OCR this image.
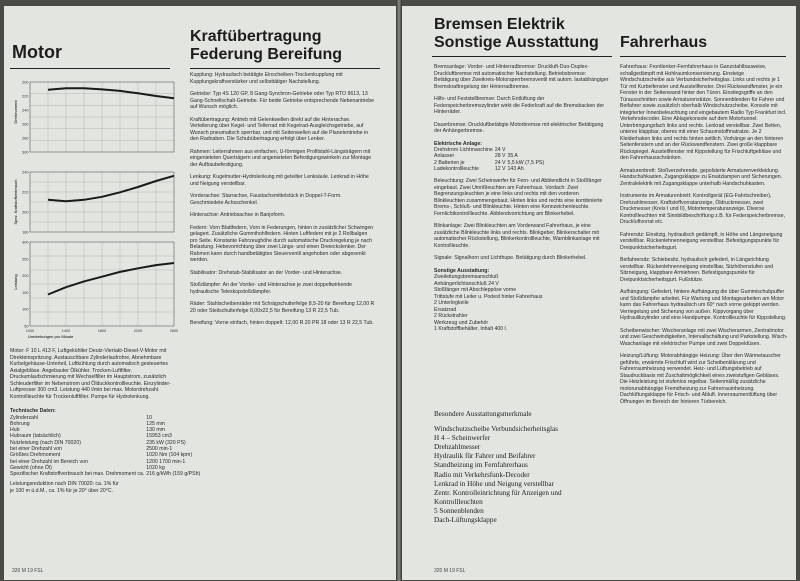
Motor
Kraftübertragung
Federung Bereifung
200
220
240
260
280
300
240
220
200
180
300
250
200
150
100
50
1000	1400	1800	2200	2600
Drehmoment
Spez. Kraftstoffverbrauch
Leistung
Umdrehungen pro Minute
Motor: F 10 L 413 F, Luftgekühlter Deutz-Viertakt-Diesel-V-Motor mit Direkteinspritzung. Austauschbare Zylinderlaufrohre, Abnehmbare Kurbelgehäuse-Unterteil, Luftkühlung durch automatisch gesteuertes Axialgebläse. Angebauter Ölkühler. Trocken-Luftfilter. Druckumlaufschmierung mit Wechselfilter im Hauptstrom, zusätzlich Schleuderfilter im Nebenstrom und Ölduckkontrollleuchte. Einzylinder-Luftpresser 300 cm3. Leistung 440 l/min bei max. Motordrehzahl. Kontrollleuchte für Trockenluftfilter. Pumpe für Hydrolenkung.
Technische Daten:
Zylinderzahl	10
Bohrung	125 mm
Hub	130 mm
Hubraum (tatsächlich)	15953 cm3
Nutzleistung (nach DIN 70020)	235 kW (320 PS)
bei einer Drehzahl von	2500 min-1
Größtes Drehmoment	1020 Nm (104 kpm)
bei einer Drehzahl im Bereich von	1200 1700 min-1
Gewicht (ohne Öl)	1020 kg
Spezifischer Kraftstoffverbrauch bei max. Drehmoment ca.	216 g/kWh (159 g/PSh)
Leistungsreduktion nach DIN 70020: ca. 1% für je 100 m ü.d.M., ca. 1% für je 20° über 20°C.

Kupplung: Hydraulisch betätigte Einscheiben-Trockenkupplung mit Kupplungskraftverstärker und selbsttätiger Nachstellung.

Getriebe: Typ 4S 120 GP, 8 Gang-Synchron-Getriebe oder Typ RTO 9613, 13 Gang-Schnellschalt-Getriebe. Für beide Getriebe entsprechende Nebenantriebe auf Wunsch möglich.

Kraftübertragung: Antrieb mit Gelenkwellen direkt auf die Hinterachse. Verteilerung über Kegel- und Tellerrad mit Kegelrad-Ausgleichsgetriebe, auf Wunsch pneumatisch sperrbar, und mit Seitenwellen auf die Planetentriebe in den Radnaben. Die Schubübertragung erfolgt über Lenker.

Rahmen: Leiterrahmen aus einfachen, U-förmigen Profilstahl-Längsträgern mit eingenieteten Querträgern und angenieteten Befestigungswinkeln zur Montage der Aufbaubefestigung.

Lenkung: Kugelmutter-Hydrolenkung mit geteilter Lenksäule. Lenkrad in Höhe und Neigung verstellbar.

Vorderachse: Starrachse, Faustachsmittelstück in Doppel-T-Form. Geschmiedete Achsschenkel.

Hinterachse: Antriebsachse in Banjoform.

Federn: Vorn Blattfedern, Vorn in Federungen, hinten in zusätzlicher Schwingen gelagert. Zusätzliche Gummihohlfedern. Hinten Luftfedern mit je 2 Rollbalgen pro Seite. Konstante Fahrzeughöhe durch automatische Druckregelung je nach Belastung. Hebevorrichtung über zwei Längs- und einen Dreieckslenker. Der Rahmen kann durch handbetätigtes Steuerventil angehoben oder abgesenkt werden.

Stabilisator: Drehstab-Stabilisator an der Vorder- und Hinterachse.

Stoßdämpfer: An der Vorder- und Hinterachse je zwei doppeltwirkende hydraulische Teleskopstoßdämpfer.

Räder: Stahlscheibenräder mit Schrägschulterfelge 8,5-20 für Bereifung 12,00 R 20 oder Steilschulterfelge 8,00x22,5 für Bereifung 13 R 22,5 Tub.

Bereifung: Vorne einfach, hinten doppelt: 12,00 R 20 PR 18 oder 13 R 22,5 Tub.

320 M 19 FSL
Bremsen Elektrik
Sonstige Ausstattung Fahrerhaus

Bremsanlage: Vorder- und Hinterradbremse: Druckluft-Duo-Duplex-Druckluftbremse mit automatischer Nachstellung. Betriebsbremse: Betätigung über Zweikreis-Motorsperrbremsventil mit autom. lastabhängiger Bremskraftregelung der Hinterradbremse.

Hilfs- und Feststellbremse: Durch Entlüftung der Federspeicherbremszylinder wirkt die Federkraft auf die Bremsbacken der Hinterräder.

Dauerbremse: Druckluftbetätigte Motorbremse mit elektrischer Betätigung der Anhängerbremse.

Elektrische Anlage:
Drehstrom Lichtmaschine	24 V	
Anlasser	28 V	35 A
2 Batterien je	24 V	5,5 kW (7,5 PS)
Ladekontrollleuchte	12 V	143 Ah

Beleuchtung: Zwei Scheinwerfer für Fern- und Abblendlicht in Stoßfänger eingebaut. Zwei Umrißleuchten am Fahrerhaus. Vordach: Zwei Begrenzungsleuchten je eine links und rechts mit den vorderen Blinkleuchten zusammengebaut. Hinten links und rechts eine kombinierte Brems-, Schluß- und Blinkleuchte. Hinten eine Kennzeichenleuchte. Fernlichtkontrollleuchte. Abblendvorrichtung am Blinkerhebel.

Blinkanlage: Zwei Blinkleuchten am Vorderwand Fahrerhaus, je eine zusätzliche Blinkleuchte links und rechts. Blinkgeber, Blinkerschalter mit automatischer Rückstellung, Blinkerkontrollleuchte, Warnblinkanlage mit Kontrollleuchte.

Signale: Signalhorn und Lichthupe. Betätigung durch Blinkerhebel.

Sonstige Ausstattung:
Zweileitungsbremsanschluß
Anhängerlichtanschluß 24 V
Stoßfänger mit Abschleppöse vorne
Trittstufe mit Leiter u. Podest hinter Fahrerhaus
2 Unterlegkeile
Ersatzrad
2 Rückstrahler
Werkzeug und Zubehör
1 Kraftstoffbehälter, Inhalt 400 l.
Besondere Ausstattungsmerkmale
Windschutzscheibe Verbundsicherheitsglas
H 4 – Scheinwerfer
Drehzahlmesser
Hydraulik für Fahrer und Beifahrer
Standheizung im Fernfahrerhaus
Radio mit Verkehrsfunk-Decoder
Lenkrad in Höhe und Neigung verstellbar
Zentr. Kontrolleinrichtung für Anzeigen und Kontrollleuchten
5 Sonnenblenden
Dach-Lüftungsklappe

Fahrerhaus: Frontlenker-Fernfahrerhaus in Ganzstahlbauweise, schallgedämpft mit Hohlraumkonservierung. Einsteige Windschutzscheibe aus Verbundsicherheitsglas. Links und rechts je 1 Tür mit Kurbelfenster und Ausstellfenster. Drei Rückwandfenster, je ein Fenster in der Seitenwand hinter den Türen. Einstiegsgriffe an den Türausschnitten sowie Armaturenstütze. Sonnenblenden für Fahrer und Beifahrer sowie zusätzlich oberhalb Windschutzscheibe. Konsole mit integrierter Innenbeleuchtung und eingebautem Radio Typ Frankfurt incl. Verkehrsdecoder. Eine Ablagekonsole auf dem Motortunnel. Unterbringungsfach links und rechts. Lenkrad verstellbar. Zwei Betten, unteres klappbar, oberes mit einer Schaumstoffmatratze. Je 2 Kleiderhaken links und rechts hinten seitlich. Vorhänge an den hinteren Seitenfenstern und an der Rückwandfenstern. Zwei große klappbare Rückspiegel. Ausstellfenster mit Kippstellung für Frischluftgebläse und den Fahrerhausschränken.

Armaturenbrett: Stoßverzehrende, gepolsterte Armaturenverkleidung. Handschuhkasten, Zugangsklappe zu Ersatzlampen und Sicherungen. Zentralelektrik mit Zugangsklappe unterhalb Handschuhkasten.

Instrumente im Armaturenbrett: Kontrollgerät (EG-Fahrtschreiber), Drehzahlmesser, Kraftstoffvorratanzeige, Öldruckmesser, zwei Druckmesser (Kreis I und II), Motortemperaturanzeige. Diverse Kontrollleuchten mit Sinnbildbeschriftung z.B. für Federspeicherbremse, Druckluftvorrat etc.

Fahrersitz: Einsitzig, hydraulisch gedämpft, in Höhe und Längsneigung verstellbar. Rückenlehnenneigung verstellbar. Befestigungspunkte für Dreipunktsicherheitsgurt.

Beifahrersitz: Schiebesitz, hydraulisch gefedert, in Längsrichtung verstellbar. Rückenlehnenneigung einstellbar, Sitzhöhenstufen und Sitzneigung, klappbare Armlehnen. Befestigungspunkte für Dreipunktsicherheitsgurt. Fußstütze.

Aufhängung: Gefedert, hintere Aufhängung die über Gummischubpuffer und Stoßdämpfer arbeitet. Für Wartung und Montagearbeiten am Motor kann das Fahrerhaus hydraulisch um 60° nach vorne gekippt werden. Verriegelung und Sicherung von außen. Kippvorgang über Hydraulikzylinder und eine Handpumpe. Kontrollleuchte für Kippstellung.

Scheibenwischer: Wischeranlage mit zwei Wischerarmen, Zentralmotor und zwei Geschwindigkeiten, Intervallschaltung und Parkstellung. Wisch-Waschanlage mit elektrischer Pumpe und zwei Doppeldüsen.

Heizung/Lüftung: Motorabhängige Heizung: Über den Wärmetauscher geführte, erwärmte Frischluft wird zur Scheibenklärung und Fahrerraumheizung verwendet. Heiz- und Lüftungsbetrieb auf Staudruckbasis mit Zuschaltmöglichkeit eines zweistufigen Gebläses. Die Heizleistung ist stufenlos regelbar. Seitenmäßig zusätzliche motorunabhängige Fremdheizung zur Fahrerraumheizung. Dachlüftungsklappe für Frisch- und Abluft. Innenraumentlüftung über Öffnungen im Bereich der hinteren Türbereich.

320 M 19 FSL
